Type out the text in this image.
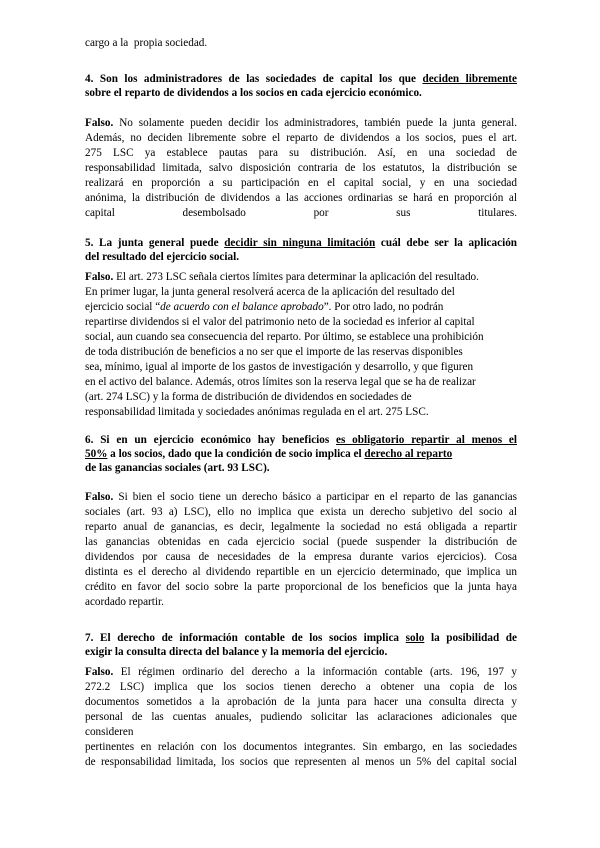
cargo a la  propia sociedad.
4. Son los administradores de las sociedades de capital los que deciden libremente
sobre el reparto de dividendos a los socios en cada ejercicio económico.
Falso. No solamente pueden decidir los administradores, también puede la junta general.
Además, no deciden libremente sobre el reparto de dividendos a los socios, pues el art.
275 LSC ya establece pautas para su distribución. Así, en una sociedad de
responsabilidad limitada, salvo disposición contraria de los estatutos, la distribución se
realizará en proporción a su participación en el capital social, y en una sociedad
anónima, la distribución de dividendos a las acciones ordinarias se hará en proporción al
capital desembolsado por sus titulares.
5. La junta general puede decidir sin ninguna limitación cuál debe ser la aplicación
del resultado del ejercicio social.
Falso. El art. 273 LSC señala ciertos límites para determinar la aplicación del resultado.
En primer lugar, la junta general resolverá acerca de la aplicación del resultado del
ejercicio social “de acuerdo con el balance aprobado”. Por otro lado, no podrán
repartirse dividendos si el valor del patrimonio neto de la sociedad es inferior al capital
social, aun cuando sea consecuencia del reparto. Por último, se establece una prohibición
de toda distribución de beneficios a no ser que el importe de las reservas disponibles
sea, mínimo, igual al importe de los gastos de investigación y desarrollo, y que figuren
en el activo del balance. Además, otros límites son la reserva legal que se ha de realizar
(art. 274 LSC) y la forma de distribución de dividendos en sociedades de
responsabilidad limitada y sociedades anónimas regulada en el art. 275 LSC.
6. Si en un ejercicio económico hay beneficios es obligatorio repartir al menos el
50% a los socios, dado que la condición de socio implica el derecho al reparto
de las ganancias sociales (art. 93 LSC).
Falso. Si bien el socio tiene un derecho básico a participar en el reparto de las ganancias
sociales (art. 93 a) LSC), ello no implica que exista un derecho subjetivo del socio al
reparto anual de ganancias, es decir, legalmente la sociedad no está obligada a repartir
las ganancias obtenidas en cada ejercicio social (puede suspender la distribución de
dividendos por causa de necesidades de la empresa durante varios ejercicios). Cosa
distinta es el derecho al dividendo repartible en un ejercicio determinado, que implica un
crédito en favor del socio sobre la parte proporcional de los beneficios que la junta haya
acordado repartir.
7. El derecho de información contable de los socios implica solo la posibilidad de
exigir la consulta directa del balance y la memoria del ejercicio.
Falso. El régimen ordinario del derecho a la información contable (arts. 196, 197 y
272.2 LSC) implica que los socios tienen derecho a obtener una copia de los
documentos sometidos a la aprobación de la junta para hacer una consulta directa y
personal de las cuentas anuales, pudiendo solicitar las aclaraciones adicionales que
consideren
pertinentes en relación con los documentos integrantes. Sin embargo, en las sociedades
de responsabilidad limitada, los socios que representen al menos un 5% del capital social
